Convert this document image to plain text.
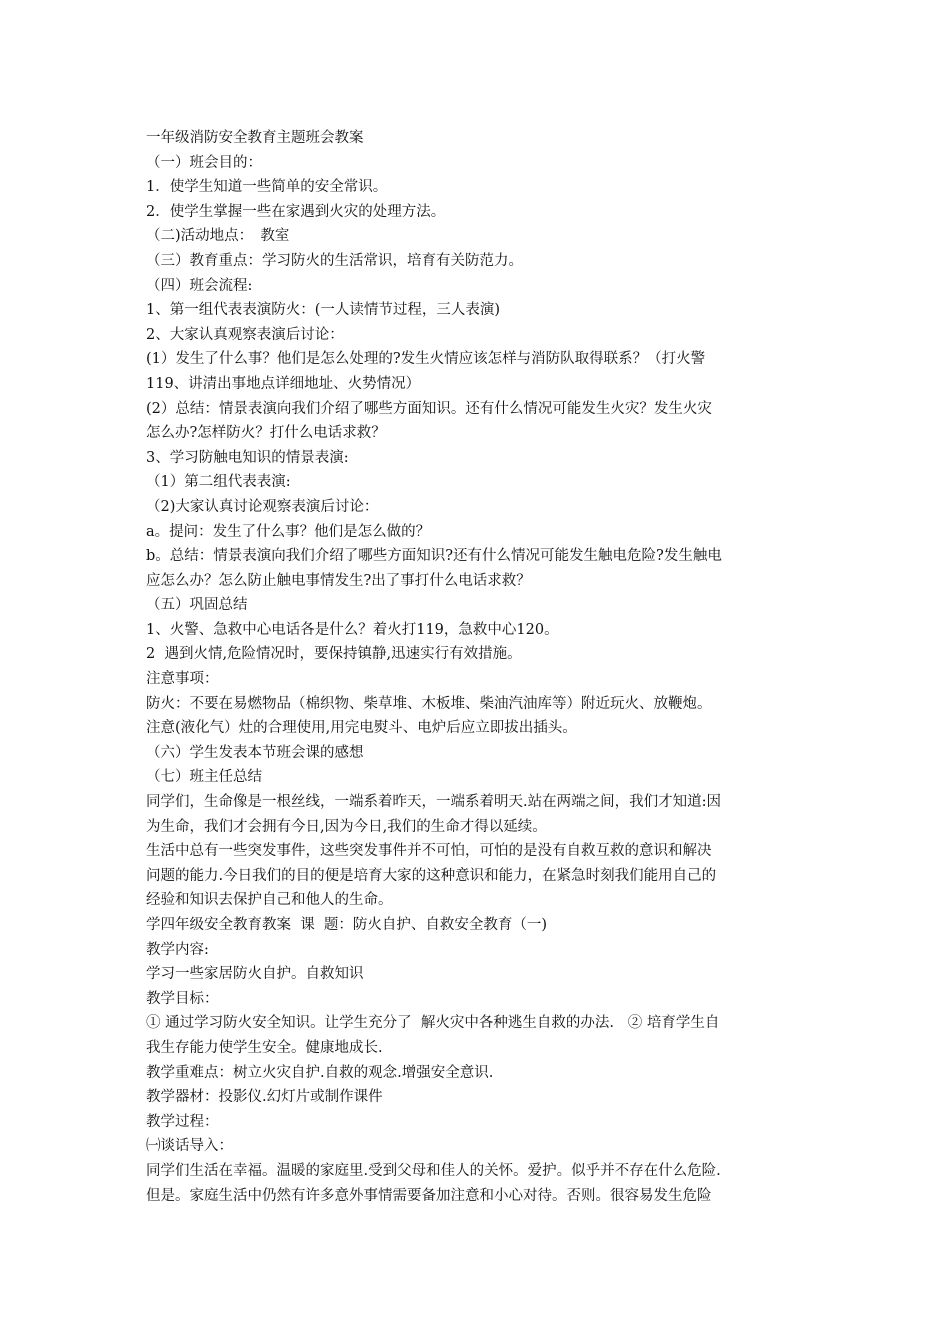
一年级消防安全教育主题班会教案
（一）班会目的：
1．使学生知道一些简单的安全常识。
2．使学生掌握一些在家遇到火灾的处理方法。
（二)活动地点：　教室
（三）教育重点：学习防火的生活常识，培育有关防范力。
（四）班会流程:
1、第一组代表表演防火：(一人读情节过程，三人表演)
2、大家认真观察表演后讨论：
(1）发生了什么事？他们是怎么处理的?发生火情应该怎样与消防队取得联系？（打火警
119、讲清出事地点详细地址、火势情况）
(2）总结：情景表演向我们介绍了哪些方面知识。还有什么情况可能发生火灾？发生火灾
怎么办?怎样防火？打什么电话求救？
3、学习防触电知识的情景表演:
（1）第二组代表表演:
（2)大家认真讨论观察表演后讨论：
a。提问：发生了什么事？他们是怎么做的？
b。总结：情景表演向我们介绍了哪些方面知识?还有什么情况可能发生触电危险?发生触电
应怎么办？怎么防止触电事情发生?出了事打什么电话求救？
（五）巩固总结
1、火警、急救中心电话各是什么？着火打119，急救中心120。
2  遇到火情,危险情况时，要保持镇静,迅速实行有效措施。
注意事项：
防火：不要在易燃物品（棉织物、柴草堆、木板堆、柴油汽油库等）附近玩火、放鞭炮。
注意(液化气）灶的合理使用,用完电熨斗、电炉后应立即拔出插头。
（六）学生发表本节班会课的感想
（七）班主任总结
同学们，生命像是一根丝线，一端系着昨天，一端系着明天.站在两端之间，我们才知道:因
为生命，我们才会拥有今日,因为今日,我们的生命才得以延续。
生活中总有一些突发事件，这些突发事件并不可怕，可怕的是没有自救互救的意识和解决
问题的能力.今日我们的目的便是培育大家的这种意识和能力，在紧急时刻我们能用自己的
经验和知识去保护自己和他人的生命。
学四年级安全教育教案  课  题：防火自护、自救安全教育（一)
教学内容:
学习一些家居防火自护。自救知识
教学目标：
① 通过学习防火安全知识。让学生充分了  解火灾中各种逃生自救的办法.   ② 培育学生自
我生存能力使学生安全。健康地成长.
教学重难点：树立火灾自护.自救的观念.增强安全意识.
教学器材：投影仪.幻灯片或制作课件
教学过程：
㈠谈话导入：
同学们生活在幸福。温暖的家庭里.受到父母和佳人的关怀。爱护。似乎并不存在什么危险.
但是。家庭生活中仍然有许多意外事情需要备加注意和小心对待。否则。很容易发生危险
